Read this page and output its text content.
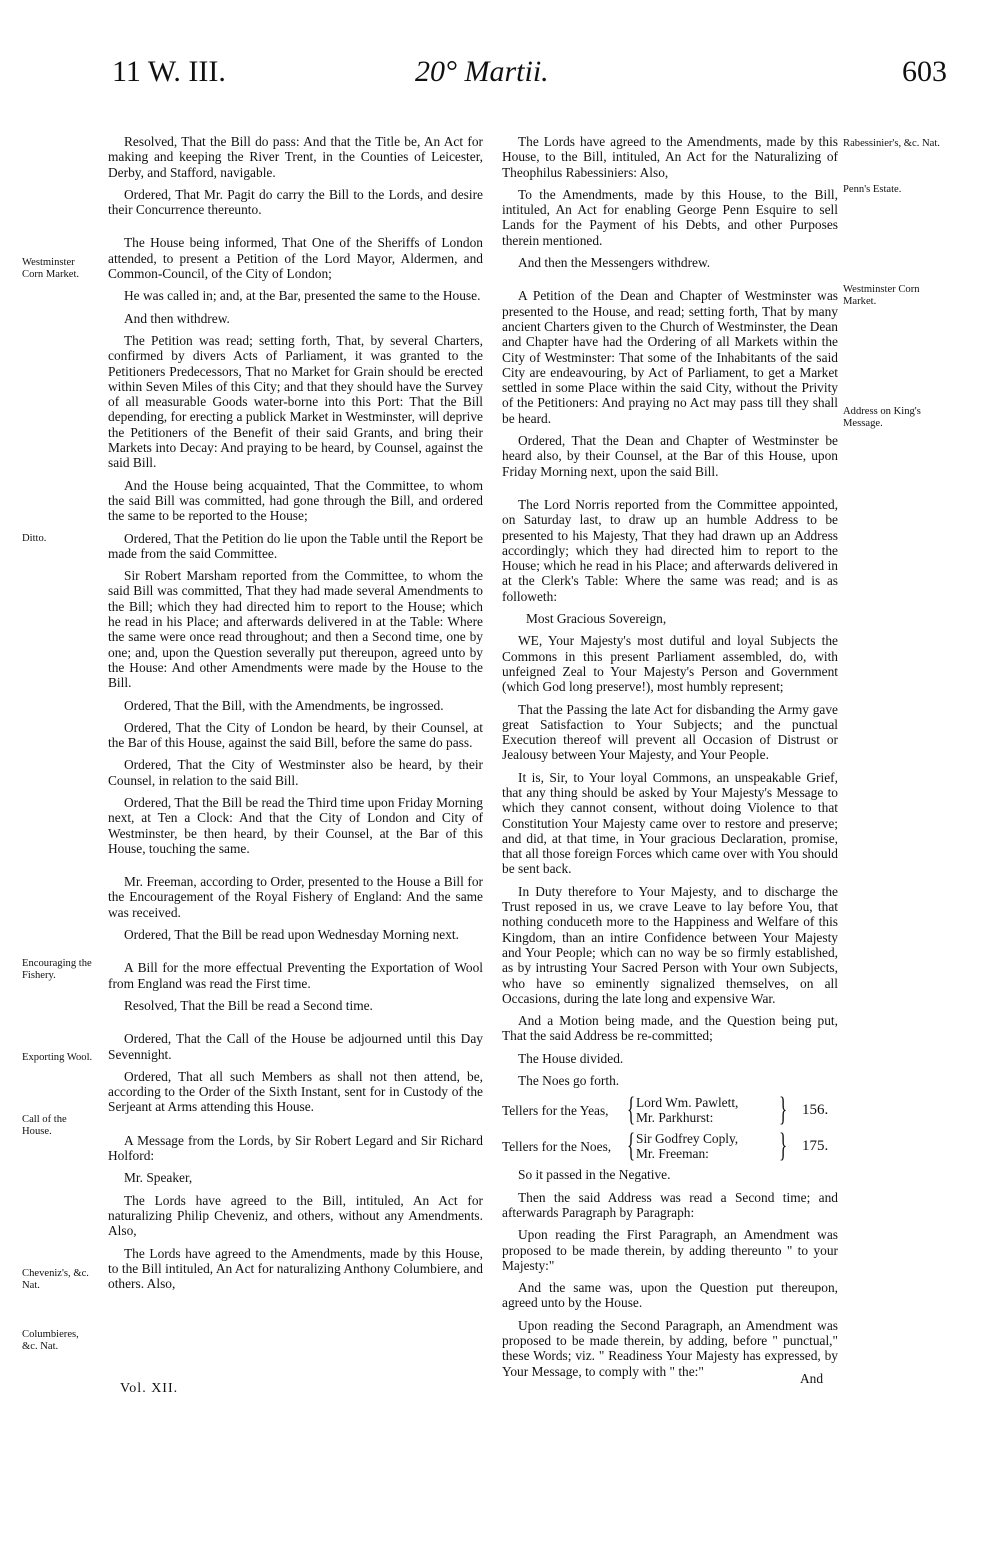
11 W. III.	20° Martii.	603
Westminster Corn Market.
Ditto.
Encouraging the Fishery.
Exporting Wool.
Call of the House.
Cheveniz's, &c. Nat.
Columbieres, &c. Nat.
Rabessinier's, &c. Nat.
Penn's Estate.
Westminster Corn Market.
Address on King's Message.

Resolved, That the Bill do pass: And that the Title be, An Act for making and keeping the River Trent, in the Counties of Leicester, Derby, and Stafford, navigable.

Ordered, That Mr. Pagit do carry the Bill to the Lords, and desire their Concurrence thereunto.

The House being informed, That One of the Sheriffs of London attended, to present a Petition of the Lord Mayor, Aldermen, and Common-Council, of the City of London;

He was called in; and, at the Bar, presented the same to the House.

And then withdrew.

The Petition was read; setting forth, That, by several Charters, confirmed by divers Acts of Parliament, it was granted to the Petitioners Predecessors, That no Market for Grain should be erected within Seven Miles of this City; and that they should have the Survey of all measurable Goods water-borne into this Port: That the Bill depending, for erecting a publick Market in Westminster, will deprive the Petitioners of the Benefit of their said Grants, and bring their Markets into Decay: And praying to be heard, by Counsel, against the said Bill.

And the House being acquainted, That the Committee, to whom the said Bill was committed, had gone through the Bill, and ordered the same to be reported to the House;

Ordered, That the Petition do lie upon the Table until the Report be made from the said Committee.

Sir Robert Marsham reported from the Committee, to whom the said Bill was committed, That they had made several Amendments to the Bill; which they had directed him to report to the House; which he read in his Place; and afterwards delivered in at the Table: Where the same were once read throughout; and then a Second time, one by one; and, upon the Question severally put thereupon, agreed unto by the House: And other Amendments were made by the House to the Bill.

Ordered, That the Bill, with the Amendments, be ingrossed.

Ordered, That the City of London be heard, by their Counsel, at the Bar of this House, against the said Bill, before the same do pass.

Ordered, That the City of Westminster also be heard, by their Counsel, in relation to the said Bill.

Ordered, That the Bill be read the Third time upon Friday Morning next, at Ten a Clock: And that the City of London and City of Westminster, be then heard, by their Counsel, at the Bar of this House, touching the same.

Mr. Freeman, according to Order, presented to the House a Bill for the Encouragement of the Royal Fishery of England: And the same was received.

Ordered, That the Bill be read upon Wednesday Morning next.

A Bill for the more effectual Preventing the Exportation of Wool from England was read the First time.

Resolved, That the Bill be read a Second time.

Ordered, That the Call of the House be adjourned until this Day Sevennight.

Ordered, That all such Members as shall not then attend, be, according to the Order of the Sixth Instant, sent for in Custody of the Serjeant at Arms attending this House.

A Message from the Lords, by Sir Robert Legard and Sir Richard Holford:

Mr. Speaker,

The Lords have agreed to the Bill, intituled, An Act for naturalizing Philip Cheveniz, and others, without any Amendments. Also,

The Lords have agreed to the Amendments, made by this House, to the Bill intituled, An Act for naturalizing Anthony Columbiere, and others. Also,

The Lords have agreed to the Amendments, made by this House, to the Bill, intituled, An Act for the Naturalizing of Theophilus Rabessiniers: Also,

To the Amendments, made by this House, to the Bill, intituled, An Act for enabling George Penn Esquire to sell Lands for the Payment of his Debts, and other Purposes therein mentioned.

And then the Messengers withdrew.

A Petition of the Dean and Chapter of Westminster was presented to the House, and read; setting forth, That by many ancient Charters given to the Church of Westminster, the Dean and Chapter have had the Ordering of all Markets within the City of Westminster: That some of the Inhabitants of the said City are endeavouring, by Act of Parliament, to get a Market settled in some Place within the said City, without the Privity of the Petitioners: And praying no Act may pass till they shall be heard.

Ordered, That the Dean and Chapter of Westminster be heard also, by their Counsel, at the Bar of this House, upon Friday Morning next, upon the said Bill.

The Lord Norris reported from the Committee appointed, on Saturday last, to draw up an humble Address to be presented to his Majesty, That they had drawn up an Address accordingly; which they had directed him to report to the House; which he read in his Place; and afterwards delivered in at the Clerk's Table: Where the same was read; and is as followeth:

Most Gracious Sovereign,

WE, Your Majesty's most dutiful and loyal Subjects the Commons in this present Parliament assembled, do, with unfeigned Zeal to Your Majesty's Person and Government (which God long preserve!), most humbly represent;

That the Passing the late Act for disbanding the Army gave great Satisfaction to Your Subjects; and the punctual Execution thereof will prevent all Occasion of Distrust or Jealousy between Your Majesty, and Your People.

It is, Sir, to Your loyal Commons, an unspeakable Grief, that any thing should be asked by Your Majesty's Message to which they cannot consent, without doing Violence to that Constitution Your Majesty came over to restore and preserve; and did, at that time, in Your gracious Declaration, promise, that all those foreign Forces which came over with You should be sent back.

In Duty therefore to Your Majesty, and to discharge the Trust reposed in us, we crave Leave to lay before You, that nothing conduceth more to the Happiness and Welfare of this Kingdom, than an intire Confidence between Your Majesty and Your People; which can no way be so firmly established, as by intrusting Your Sacred Person with Your own Subjects, who have so eminently signalized themselves, on all Occasions, during the late long and expensive War.

And a Motion being made, and the Question being put, That the said Address be re-committed;

The House divided.

The Noes go forth.

Tellers for the Yeas, { Lord Wm. Pawlett,
Mr. Parkhurst:	} 156.
Tellers for the Noes, { Sir Godfrey Coply,
Mr. Freeman:	} 175.

So it passed in the Negative.

Then the said Address was read a Second time; and afterwards Paragraph by Paragraph:

Upon reading the First Paragraph, an Amendment was proposed to be made therein, by adding thereunto " to your Majesty:"

And the same was, upon the Question put thereupon, agreed unto by the House.

Upon reading the Second Paragraph, an Amendment was proposed to be made therein, by adding, before " punctual," these Words; viz. " Readiness Your Majesty has expressed, by Your Message, to comply with " the:"

Vol. XII.
And
